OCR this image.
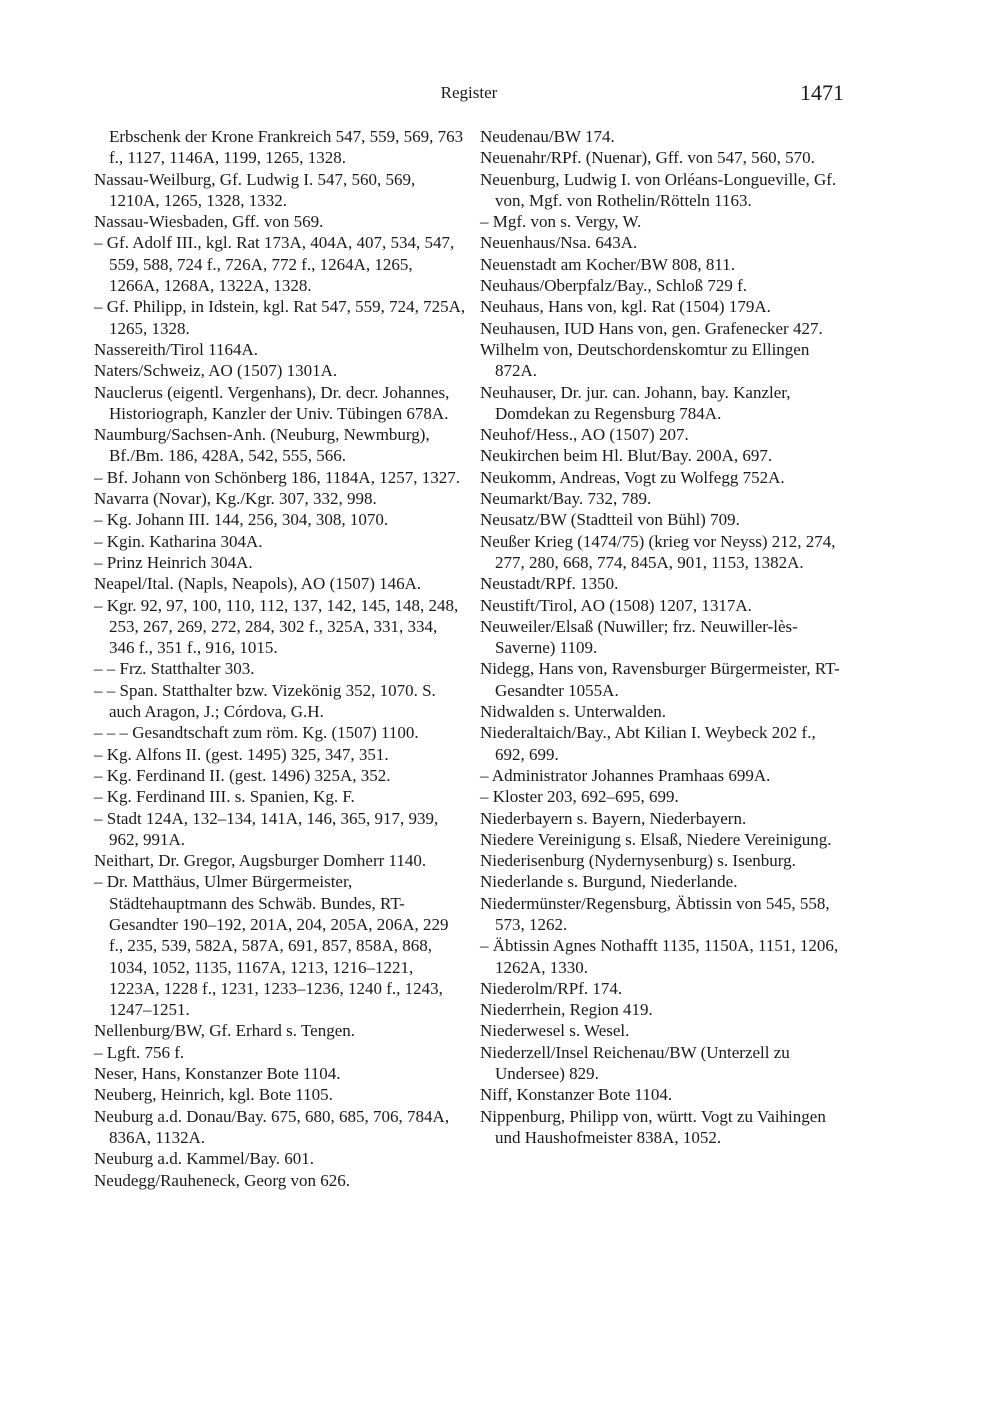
Register	1471

Erbschenk der Krone Frankreich 547, 559, 569, 763 f., 1127, 1146A, 1199, 1265, 1328.

Nassau-Weilburg, Gf. Ludwig I. 547, 560, 569, 1210A, 1265, 1328, 1332.

Nassau-Wiesbaden, Gff. von 569.

– Gf. Adolf III., kgl. Rat 173A, 404A, 407, 534, 547, 559, 588, 724 f., 726A, 772 f., 1264A, 1265, 1266A, 1268A, 1322A, 1328.

– Gf. Philipp, in Idstein, kgl. Rat 547, 559, 724, 725A, 1265, 1328.

Nassereith/Tirol 1164A.

Naters/Schweiz, AO (1507) 1301A.

Nauclerus (eigentl. Vergenhans), Dr. decr. Johannes, Historiograph, Kanzler der Univ. Tübingen 678A.

Naumburg/Sachsen-Anh. (Neuburg, Newmburg), Bf./Bm. 186, 428A, 542, 555, 566.

– Bf. Johann von Schönberg 186, 1184A, 1257, 1327.

Navarra (Novar), Kg./Kgr. 307, 332, 998.

– Kg. Johann III. 144, 256, 304, 308, 1070.

– Kgin. Katharina 304A.

– Prinz Heinrich 304A.

Neapel/Ital. (Napls, Neapols), AO (1507) 146A.

– Kgr. 92, 97, 100, 110, 112, 137, 142, 145, 148, 248, 253, 267, 269, 272, 284, 302 f., 325A, 331, 334, 346 f., 351 f., 916, 1015.

– – Frz. Statthalter 303.

– – Span. Statthalter bzw. Vizekönig 352, 1070. S. auch Aragon, J.; Córdova, G.H.

– – – Gesandtschaft zum röm. Kg. (1507) 1100.

– Kg. Alfons II. (gest. 1495) 325, 347, 351.

– Kg. Ferdinand II. (gest. 1496) 325A, 352.

– Kg. Ferdinand III. s. Spanien, Kg. F.

– Stadt 124A, 132–134, 141A, 146, 365, 917, 939, 962, 991A.

Neithart, Dr. Gregor, Augsburger Domherr 1140.

– Dr. Matthäus, Ulmer Bürgermeister, Städtehauptmann des Schwäb. Bundes, RT-Gesandter 190–192, 201A, 204, 205A, 206A, 229 f., 235, 539, 582A, 587A, 691, 857, 858A, 868, 1034, 1052, 1135, 1167A, 1213, 1216–1221, 1223A, 1228 f., 1231, 1233–1236, 1240 f., 1243, 1247–1251.

Nellenburg/BW, Gf. Erhard s. Tengen.

– Lgft. 756 f.

Neser, Hans, Konstanzer Bote 1104.

Neuberg, Heinrich, kgl. Bote 1105.

Neuburg a.d. Donau/Bay. 675, 680, 685, 706, 784A, 836A, 1132A.

Neuburg a.d. Kammel/Bay. 601.

Neudegg/Rauheneck, Georg von 626.

Neudenau/BW 174.

Neuenahr/RPf. (Nuenar), Gff. von 547, 560, 570.

Neuenburg, Ludwig I. von Orléans-Longueville, Gf. von, Mgf. von Rothelin/Rötteln 1163.

– Mgf. von s. Vergy, W.

Neuenhaus/Nsa. 643A.

Neuenstadt am Kocher/BW 808, 811.

Neuhaus/Oberpfalz/Bay., Schloß 729 f.

Neuhaus, Hans von, kgl. Rat (1504) 179A.

Neuhausen, IUD Hans von, gen. Grafenecker 427.

Wilhelm von, Deutschordenskomtur zu Ellingen 872A.

Neuhauser, Dr. jur. can. Johann, bay. Kanzler, Domdekan zu Regensburg 784A.

Neuhof/Hess., AO (1507) 207.

Neukirchen beim Hl. Blut/Bay. 200A, 697.

Neukomm, Andreas, Vogt zu Wolfegg 752A.

Neumarkt/Bay. 732, 789.

Neusatz/BW (Stadtteil von Bühl) 709.

Neußer Krieg (1474/75) (krieg vor Neyss) 212, 274, 277, 280, 668, 774, 845A, 901, 1153, 1382A.

Neustadt/RPf. 1350.

Neustift/Tirol, AO (1508) 1207, 1317A.

Neuweiler/Elsaß (Nuwiller; frz. Neuwiller-lès-Saverne) 1109.

Nidegg, Hans von, Ravensburger Bürgermeister, RT-Gesandter 1055A.

Nidwalden s. Unterwalden.

Niederaltaich/Bay., Abt Kilian I. Weybeck 202 f., 692, 699.

– Administrator Johannes Pramhaas 699A.

– Kloster 203, 692–695, 699.

Niederbayern s. Bayern, Niederbayern.

Niedere Vereinigung s. Elsaß, Niedere Vereinigung.

Niederisenburg (Nydernysenburg) s. Isenburg.

Niederlande s. Burgund, Niederlande.

Niedermünster/Regensburg, Äbtissin von 545, 558, 573, 1262.

– Äbtissin Agnes Nothafft 1135, 1150A, 1151, 1206, 1262A, 1330.

Niederolm/RPf. 174.

Niederrhein, Region 419.

Niederwesel s. Wesel.

Niederzell/Insel Reichenau/BW (Unterzell zu Undersee) 829.

Niff, Konstanzer Bote 1104.

Nippenburg, Philipp von, württ. Vogt zu Vaihingen und Haushofmeister 838A, 1052.
